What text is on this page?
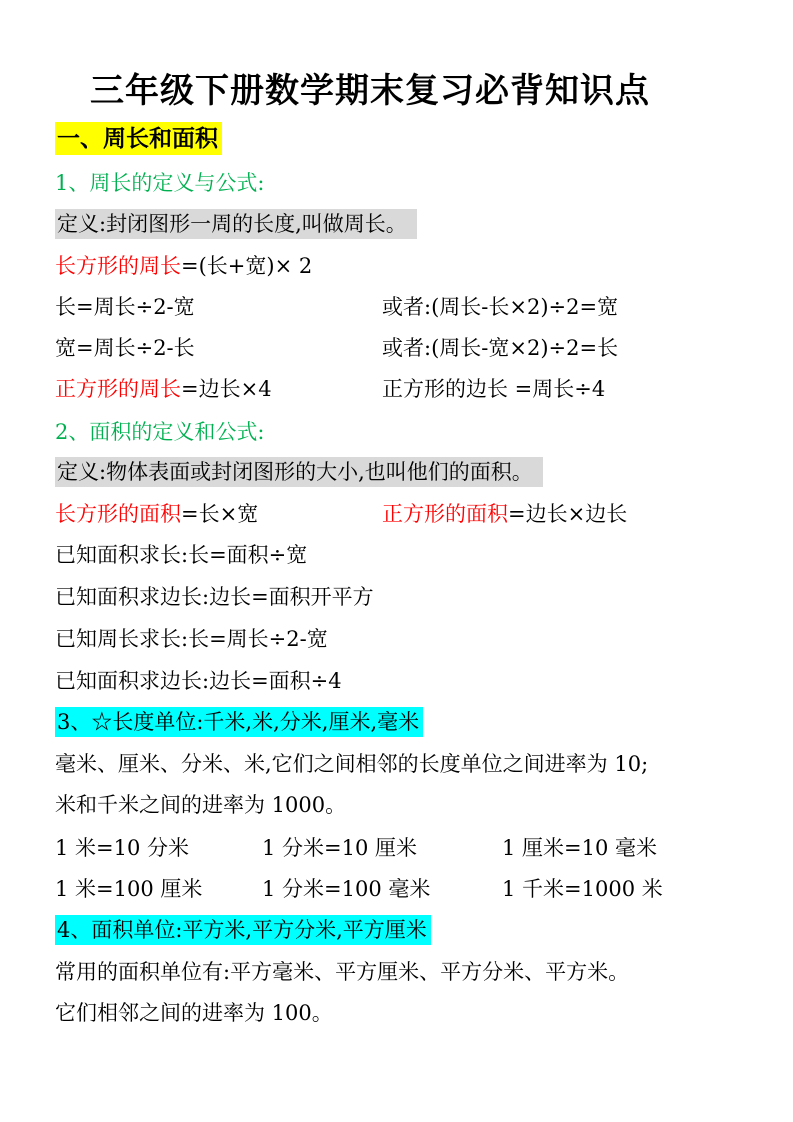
三年级下册数学期末复习必背知识点
一、周长和面积
1、周长的定义与公式:
定义:封闭图形一周的长度,叫做周长。
长方形的周长=(长+宽)× 2
长=周长÷2-宽	或者:(周长-长×2)÷2=宽
宽=周长÷2-长	或者:(周长-宽×2)÷2=长
正方形的周长=边长×4	正方形的边长 =周长÷4
2、面积的定义和公式:
定义:物体表面或封闭图形的大小,也叫他们的面积。
长方形的面积=长×宽	正方形的面积=边长×边长
已知面积求长:长=面积÷宽
已知面积求边长:边长=面积开平方
已知周长求长:长=周长÷2-宽
已知面积求边长:边长=面积÷4
3、☆长度单位:千米,米,分米,厘米,毫米
毫米、厘米、分米、米,它们之间相邻的长度单位之间进率为 10;
米和千米之间的进率为 1000。
1 米=10 分米	1 分米=10 厘米	1 厘米=10 毫米
1 米=100 厘米	1 分米=100 毫米	1 千米=1000 米
4、面积单位:平方米,平方分米,平方厘米
常用的面积单位有:平方毫米、平方厘米、平方分米、平方米。
它们相邻之间的进率为 100。
